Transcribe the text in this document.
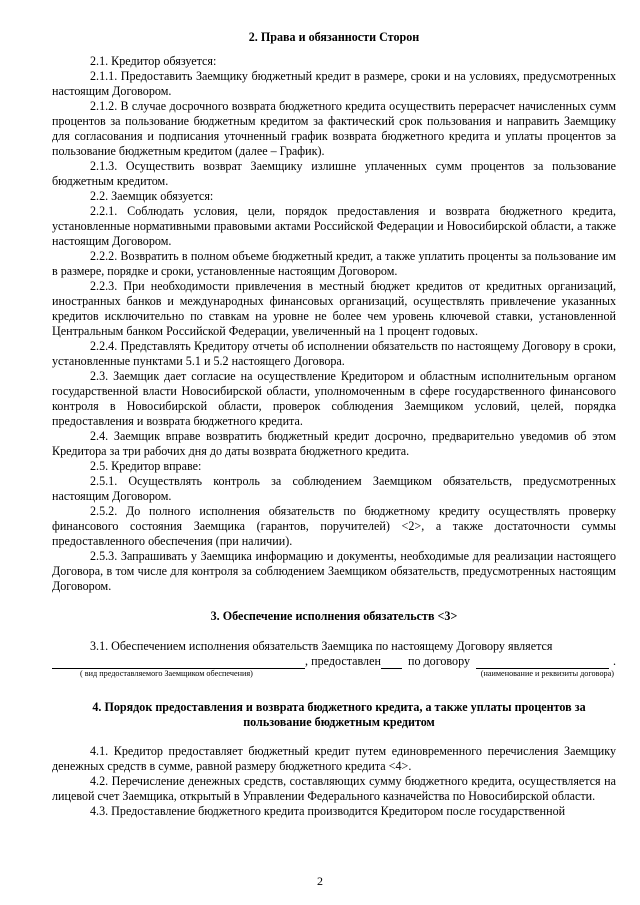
2. Права и обязанности Сторон

2.1. Кредитор обязуется:

2.1.1. Предоставить Заемщику бюджетный кредит в размере, сроки и на условиях, предусмотренных настоящим Договором.

2.1.2. В случае досрочного возврата бюджетного кредита осуществить перерасчет начисленных сумм процентов за пользование бюджетным кредитом за фактический срок пользования и направить Заемщику для согласования и подписания уточненный график возврата бюджетного кредита и уплаты процентов за пользование бюджетным кредитом (далее – График).

2.1.3. Осуществить возврат Заемщику излишне уплаченных сумм процентов за пользование бюджетным кредитом.

2.2. Заемщик обязуется:

2.2.1. Соблюдать условия, цели, порядок предоставления и возврата бюджетного кредита, установленные нормативными правовыми актами Российской Федерации и Новосибирской области, а также настоящим Договором.

2.2.2. Возвратить в полном объеме бюджетный кредит, а также уплатить проценты за пользование им в размере, порядке и сроки, установленные настоящим Договором.

2.2.3. При необходимости привлечения в местный бюджет кредитов от кредитных организаций, иностранных банков и международных финансовых организаций, осуществлять привлечение указанных кредитов исключительно по ставкам на уровне не более чем уровень ключевой ставки, установленной Центральным банком Российской Федерации, увеличенный на 1 процент годовых.

2.2.4. Представлять Кредитору отчеты об исполнении обязательств по настоящему Договору в сроки, установленные пунктами 5.1 и 5.2 настоящего Договора.

2.3. Заемщик дает согласие на осуществление Кредитором и областным исполнительным органом государственной власти Новосибирской области, уполномоченным в сфере государственного финансового контроля в Новосибирской области, проверок соблюдения Заемщиком условий, целей, порядка предоставления и возврата бюджетного кредита.

2.4. Заемщик вправе возвратить бюджетный кредит досрочно, предварительно уведомив об этом Кредитора за три рабочих дня до даты возврата бюджетного кредита.

2.5. Кредитор вправе:

2.5.1. Осуществлять контроль за соблюдением Заемщиком обязательств, предусмотренных настоящим Договором.

2.5.2. До полного исполнения обязательств по бюджетному кредиту осуществлять проверку финансового состояния Заемщика (гарантов, поручителей) <2>, а также достаточности суммы предоставленного обеспечения (при наличии).

2.5.3. Запрашивать у Заемщика информацию и документы, необходимые для реализации настоящего Договора, в том числе для контроля за соблюдением Заемщиком обязательств, предусмотренных настоящим Договором.

3. Обеспечение исполнения обязательств <3>

3.1. Обеспечением исполнения обязательств Заемщика по настоящему Договору является

, предоставлен по договору	.
( вид предоставляемого Заемщиком обеспечения)	(наименование и реквизиты договора)

4. Порядок предоставления и возврата бюджетного кредита, а также уплаты процентов за пользование бюджетным кредитом

4.1. Кредитор предоставляет бюджетный кредит путем единовременного перечисления Заемщику денежных средств в сумме, равной размеру бюджетного кредита <4>.

4.2. Перечисление денежных средств, составляющих сумму бюджетного кредита, осуществляется на лицевой счет Заемщика, открытый в Управлении Федерального казначейства по Новосибирской области.

4.3. Предоставление бюджетного кредита производится Кредитором после государственной

2
